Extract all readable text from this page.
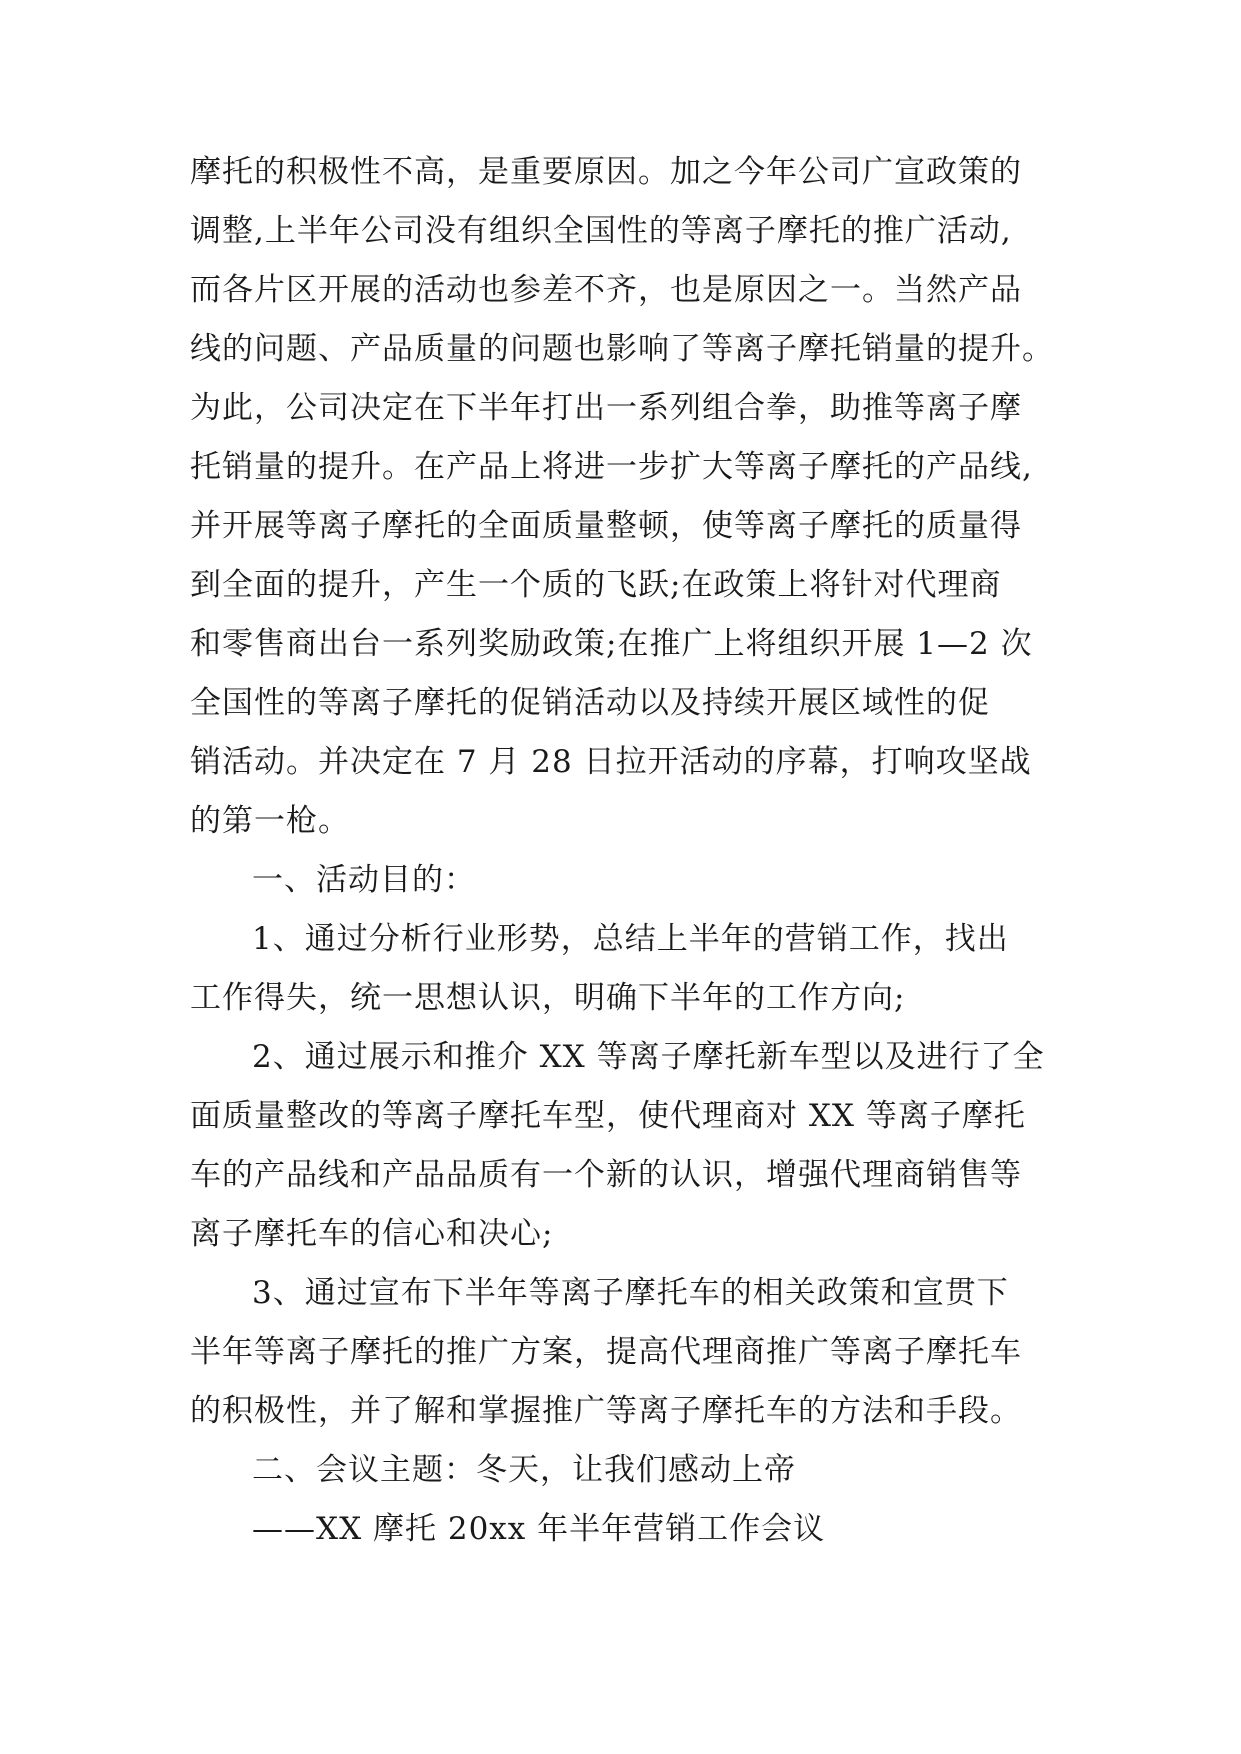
摩托的积极性不高，是重要原因。加之今年公司广宣政策的
调整,上半年公司没有组织全国性的等离子摩托的推广活动,
而各片区开展的活动也参差不齐，也是原因之一。当然产品
线的问题、产品质量的问题也影响了等离子摩托销量的提升。
为此，公司决定在下半年打出一系列组合拳，助推等离子摩
托销量的提升。在产品上将进一步扩大等离子摩托的产品线,
并开展等离子摩托的全面质量整顿，使等离子摩托的质量得
到全面的提升，产生一个质的飞跃;在政策上将针对代理商
和零售商出台一系列奖励政策;在推广上将组织开展 1—2 次
全国性的等离子摩托的促销活动以及持续开展区域性的促
销活动。并决定在 7 月 28 日拉开活动的序幕，打响攻坚战
的第一枪。
一、活动目的：
1、通过分析行业形势，总结上半年的营销工作，找出
工作得失，统一思想认识，明确下半年的工作方向;
2、通过展示和推介 XX 等离子摩托新车型以及进行了全
面质量整改的等离子摩托车型，使代理商对 XX 等离子摩托
车的产品线和产品品质有一个新的认识，增强代理商销售等
离子摩托车的信心和决心;
3、通过宣布下半年等离子摩托车的相关政策和宣贯下
半年等离子摩托的推广方案，提高代理商推广等离子摩托车
的积极性，并了解和掌握推广等离子摩托车的方法和手段。
二、会议主题：冬天，让我们感动上帝
——XX 摩托 20xx 年半年营销工作会议
